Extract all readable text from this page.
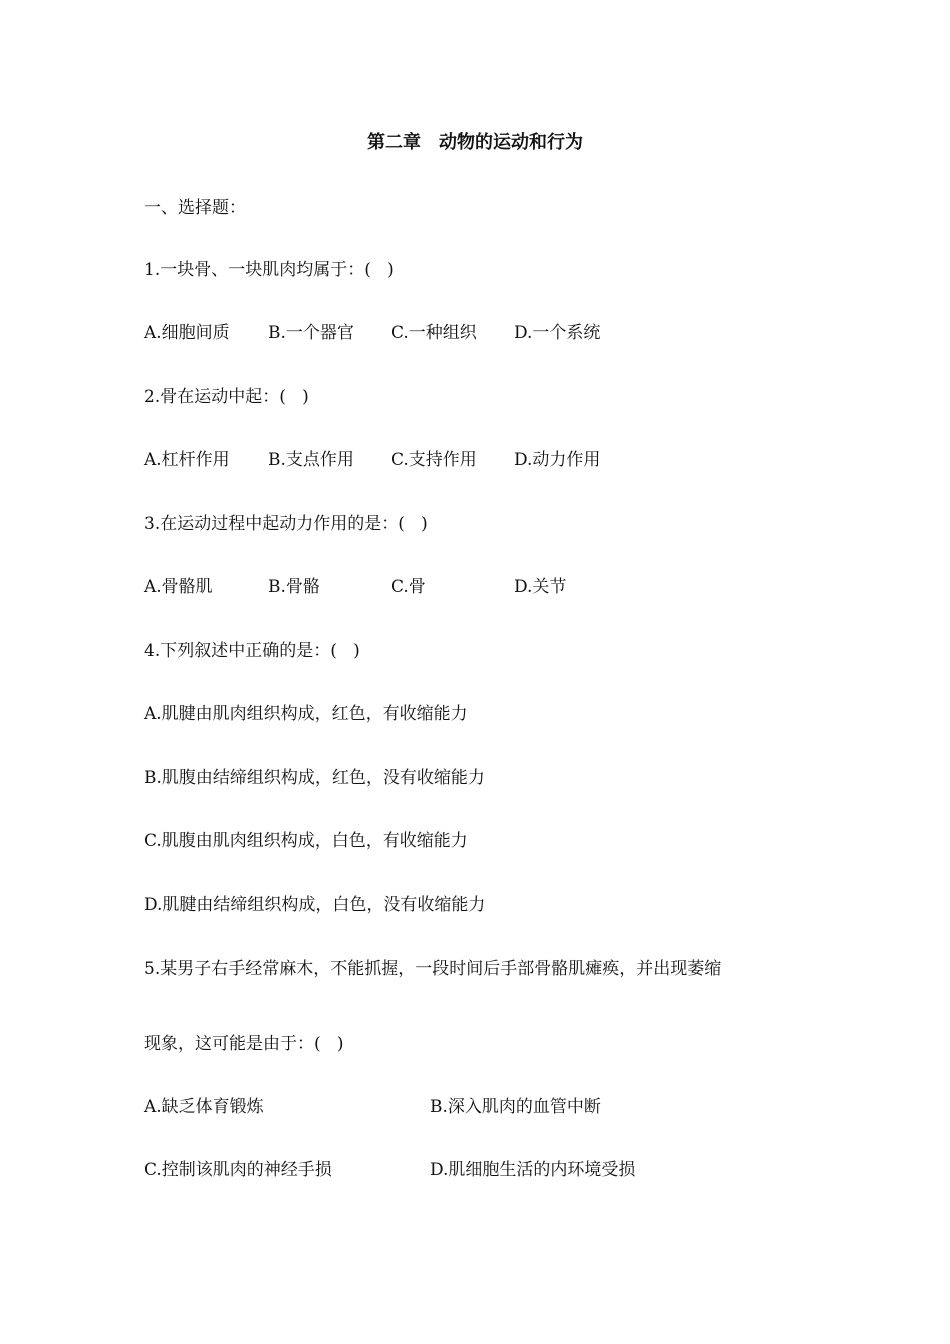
第二章　动物的运动和行为
一、选择题：
1.一块骨、一块肌肉均属于：(   )
A.细胞间质 B.一个器官 C.一种组织 D.一个系统
2.骨在运动中起：(   )
A.杠杆作用 B.支点作用 C.支持作用 D.动力作用
3.在运动过程中起动力作用的是：(   )
A.骨骼肌	B.骨骼	C.骨	D.关节
4.下列叙述中正确的是：(   )
A.肌腱由肌肉组织构成，红色，有收缩能力
B.肌腹由结缔组织构成，红色，没有收缩能力
C.肌腹由肌肉组织构成，白色，有收缩能力
D.肌腱由结缔组织构成，白色，没有收缩能力
5.某男子右手经常麻木，不能抓握，一段时间后手部骨骼肌瘫痪，并出现萎缩
现象，这可能是由于：(   )
A.缺乏体育锻炼	B.深入肌肉的血管中断
C.控制该肌肉的神经手损	D.肌细胞生活的内环境受损
